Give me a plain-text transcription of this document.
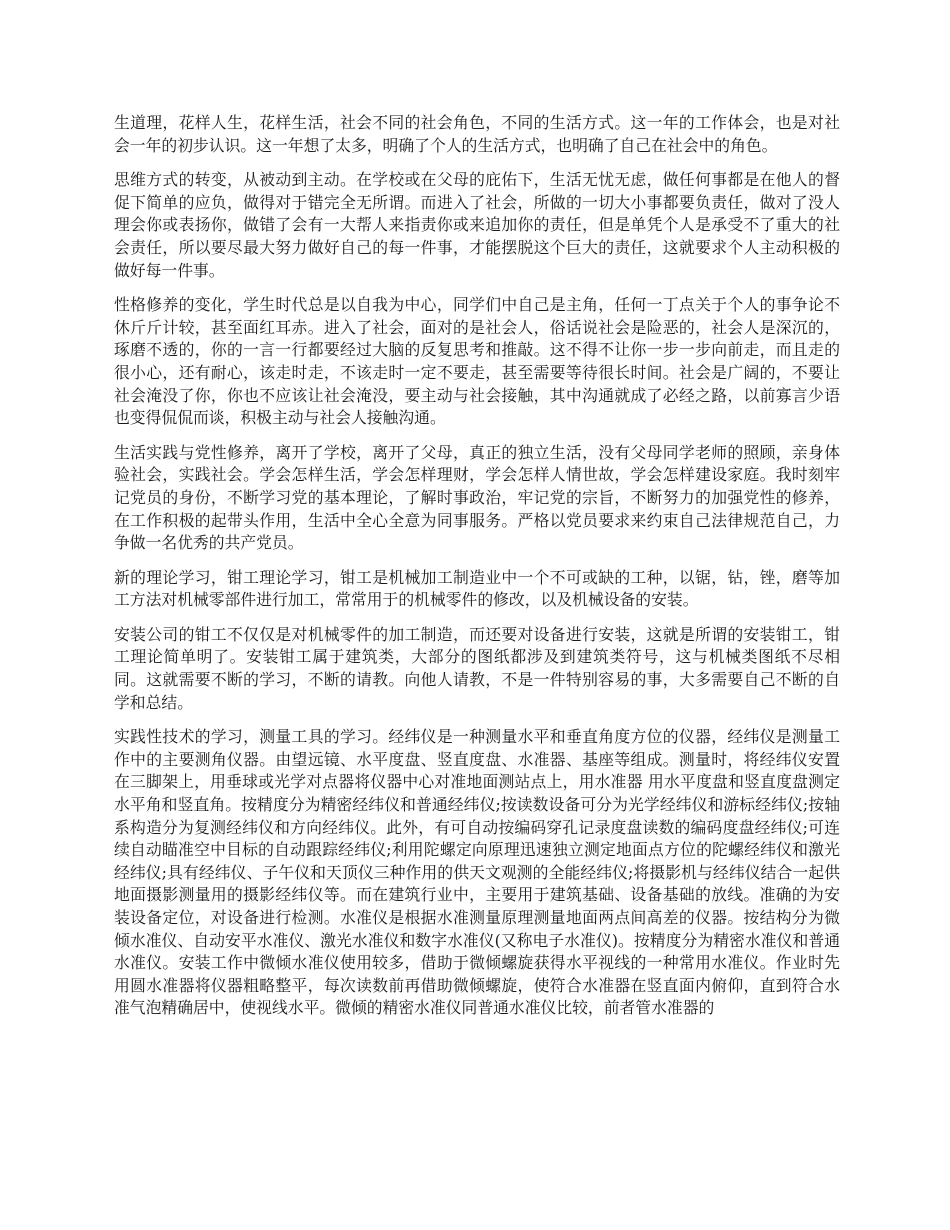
生道理，花样人生，花样生活，社会不同的社会角色，不同的生活方式。这一年的工作体会，也是对社会一年的初步认识。这一年想了太多，明确了个人的生活方式，也明确了自己在社会中的角色。

思维方式的转变，从被动到主动。在学校或在父母的庇佑下，生活无忧无虑，做任何事都是在他人的督促下简单的应负，做得对于错完全无所谓。而进入了社会，所做的一切大小事都要负责任，做对了没人理会你或表扬你，做错了会有一大帮人来指责你或来追加你的责任，但是单凭个人是承受不了重大的社会责任，所以要尽最大努力做好自己的每一件事，才能摆脱这个巨大的责任，这就要求个人主动积极的做好每一件事。

性格修养的变化，学生时代总是以自我为中心，同学们中自己是主角，任何一丁点关于个人的事争论不休斤斤计较，甚至面红耳赤。进入了社会，面对的是社会人，俗话说社会是险恶的，社会人是深沉的，琢磨不透的，你的一言一行都要经过大脑的反复思考和推敲。这不得不让你一步一步向前走，而且走的很小心，还有耐心，该走时走，不该走时一定不要走，甚至需要等待很长时间。社会是广阔的，不要让社会淹没了你，你也不应该让社会淹没，要主动与社会接触，其中沟通就成了必经之路，以前寡言少语也变得侃侃而谈，积极主动与社会人接触沟通。

生活实践与党性修养，离开了学校，离开了父母，真正的独立生活，没有父母同学老师的照顾，亲身体验社会，实践社会。学会怎样生活，学会怎样理财，学会怎样人情世故，学会怎样建设家庭。我时刻牢记党员的身份，不断学习党的基本理论，了解时事政治，牢记党的宗旨，不断努力的加强党性的修养，在工作积极的起带头作用，生活中全心全意为同事服务。严格以党员要求来约束自己法律规范自己，力争做一名优秀的共产党员。

新的理论学习，钳工理论学习，钳工是机械加工制造业中一个不可或缺的工种，以锯，钻，锉，磨等加工方法对机械零部件进行加工，常常用于的机械零件的修改，以及机械设备的安装。

安装公司的钳工不仅仅是对机械零件的加工制造，而还要对设备进行安装，这就是所谓的安装钳工，钳工理论简单明了。安装钳工属于建筑类，大部分的图纸都涉及到建筑类符号，这与机械类图纸不尽相同。这就需要不断的学习，不断的请教。向他人请教，不是一件特别容易的事，大多需要自己不断的自学和总结。

实践性技术的学习，测量工具的学习。经纬仪是一种测量水平和垂直角度方位的仪器，经纬仪是测量工作中的主要测角仪器。由望远镜、水平度盘、竖直度盘、水准器、基座等组成。测量时，将经纬仪安置在三脚架上，用垂球或光学对点器将仪器中心对准地面测站点上，用水准器 用水平度盘和竖直度盘测定水平角和竖直角。按精度分为精密经纬仪和普通经纬仪;按读数设备可分为光学经纬仪和游标经纬仪;按轴系构造分为复测经纬仪和方向经纬仪。此外，有可自动按编码穿孔记录度盘读数的编码度盘经纬仪;可连续自动瞄准空中目标的自动跟踪经纬仪;利用陀螺定向原理迅速独立测定地面点方位的陀螺经纬仪和激光经纬仪;具有经纬仪、子午仪和天顶仪三种作用的供天文观测的全能经纬仪;将摄影机与经纬仪结合一起供地面摄影测量用的摄影经纬仪等。而在建筑行业中，主要用于建筑基础、设备基础的放线。准确的为安装设备定位，对设备进行检测。水准仪是根据水准测量原理测量地面两点间高差的仪器。按结构分为微倾水准仪、自动安平水准仪、激光水准仪和数字水准仪(又称电子水准仪)。按精度分为精密水准仪和普通水准仪。安装工作中微倾水准仪使用较多，借助于微倾螺旋获得水平视线的一种常用水准仪。作业时先用圆水准器将仪器粗略整平，每次读数前再借助微倾螺旋，使符合水准器在竖直面内俯仰，直到符合水准气泡精确居中，使视线水平。微倾的精密水准仪同普通水准仪比较，前者管水准器的
